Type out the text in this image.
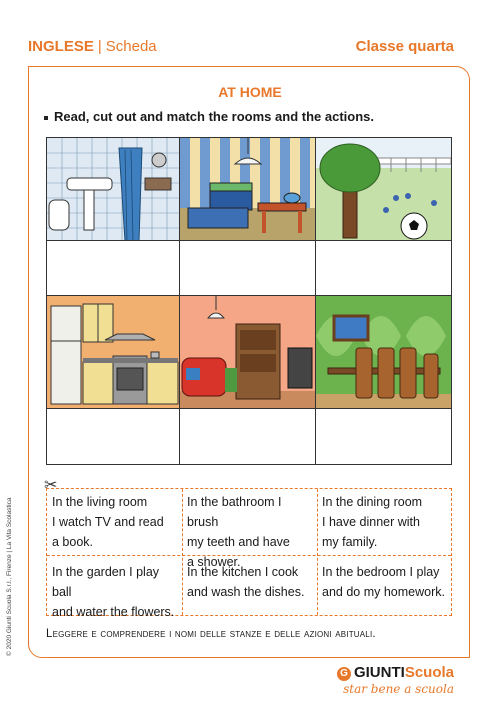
INGLESE | Scheda	Classe quarta
AT HOME
Read, cut out and match the rooms and the actions.
✂
In the living room
I watch TV and read
a book.
In the bathroom I brush
my teeth and have
a shower.
In the dining room
I have dinner with
my family.
In the garden I play ball
and water the flowers.
In the kitchen I cook
and wash the dishes.
In the bedroom I play
and do my homework.
Leggere e comprendere i nomi delle stanze e delle azioni abituali.
© 2020 Giunti Scuola S.r.l., Firenze | La Vita Scolastica
G GIUNTIScuola
star bene a scuola
